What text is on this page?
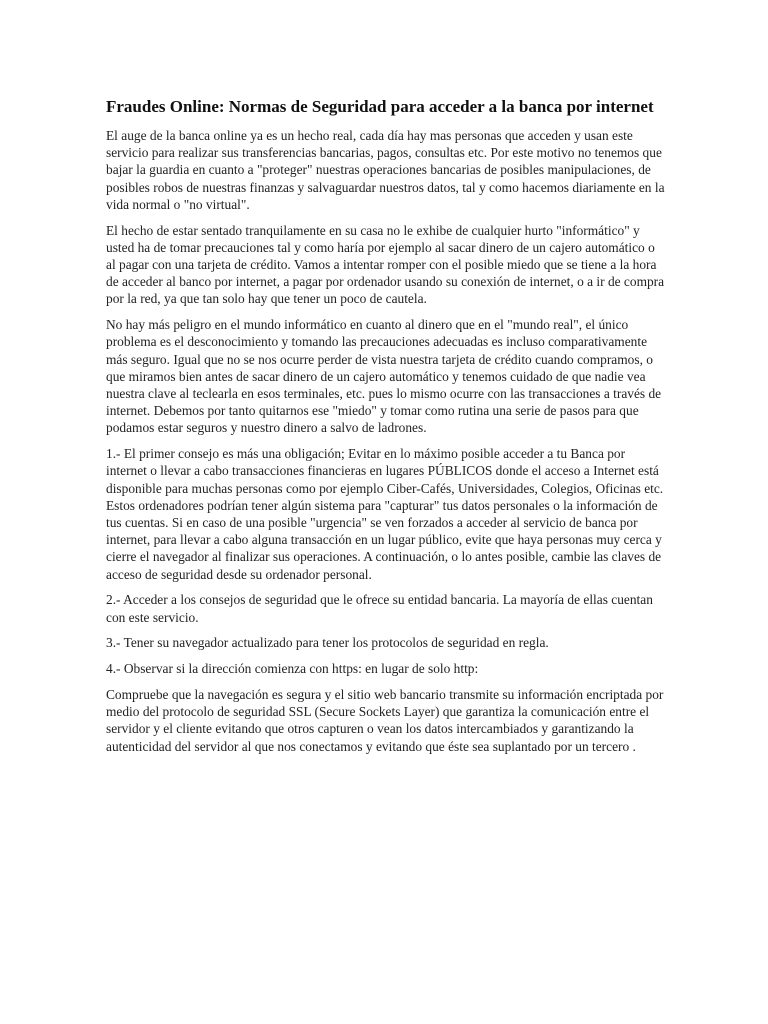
Fraudes Online: Normas de Seguridad para acceder a la banca por internet

El auge de la banca online ya es un hecho real, cada día hay mas personas que acceden y usan este servicio para realizar sus transferencias bancarias, pagos, consultas etc. Por este motivo no tenemos que bajar la guardia en cuanto a "proteger" nuestras operaciones bancarias de posibles manipulaciones, de posibles robos de nuestras finanzas y salvaguardar nuestros datos, tal y como hacemos diariamente en la vida normal o "no virtual".

El hecho de estar sentado tranquilamente en su casa no le exhibe de cualquier hurto "informático" y usted ha de tomar precauciones tal y como haría por ejemplo al sacar dinero de un cajero automático o al pagar con una tarjeta de crédito. Vamos a intentar romper con el posible miedo que se tiene a la hora de acceder al banco por internet, a pagar por ordenador usando su conexión de internet, o a ir de compra por la red, ya que tan solo hay que tener un poco de cautela.

No hay más peligro en el mundo informático en cuanto al dinero que en el "mundo real", el único problema es el desconocimiento y tomando las precauciones adecuadas es incluso comparativamente más seguro. Igual que no se nos ocurre perder de vista nuestra tarjeta de crédito cuando compramos, o que miramos bien antes de sacar dinero de un cajero automático y tenemos cuidado de que nadie vea nuestra clave al teclearla en esos terminales, etc. pues lo mismo ocurre con las transacciones a través de internet. Debemos por tanto quitarnos ese "miedo" y tomar como rutina una serie de pasos para que podamos estar seguros y nuestro dinero a salvo de ladrones.

1.- El primer consejo es más una obligación; Evitar en lo máximo posible acceder a tu Banca por internet o llevar a cabo transacciones financieras en lugares PÚBLICOS donde el acceso a Internet está disponible para muchas personas como por ejemplo Ciber-Cafés, Universidades, Colegios, Oficinas etc. Estos ordenadores podrían tener algún sistema para "capturar" tus datos personales o la información de tus cuentas. Si en caso de una posible "urgencia" se ven forzados a acceder al servicio de banca por internet, para llevar a cabo alguna transacción en un lugar público, evite que haya personas muy cerca y cierre el navegador al finalizar sus operaciones. A continuación, o lo antes posible, cambie las claves de acceso de seguridad desde su ordenador personal.

2.- Acceder a los consejos de seguridad que le ofrece su entidad bancaria. La mayoría de ellas cuentan con este servicio.

3.- Tener su navegador actualizado para tener los protocolos de seguridad en regla.

4.- Observar si la dirección comienza con https: en lugar de solo http:

Compruebe que la navegación es segura y el sitio web bancario transmite su información encriptada por medio del protocolo de seguridad SSL (Secure Sockets Layer) que garantiza la comunicación entre el servidor y el cliente evitando que otros capturen o vean los datos intercambiados y garantizando la autenticidad del servidor al que nos conectamos y evitando que éste sea suplantado por un tercero .
